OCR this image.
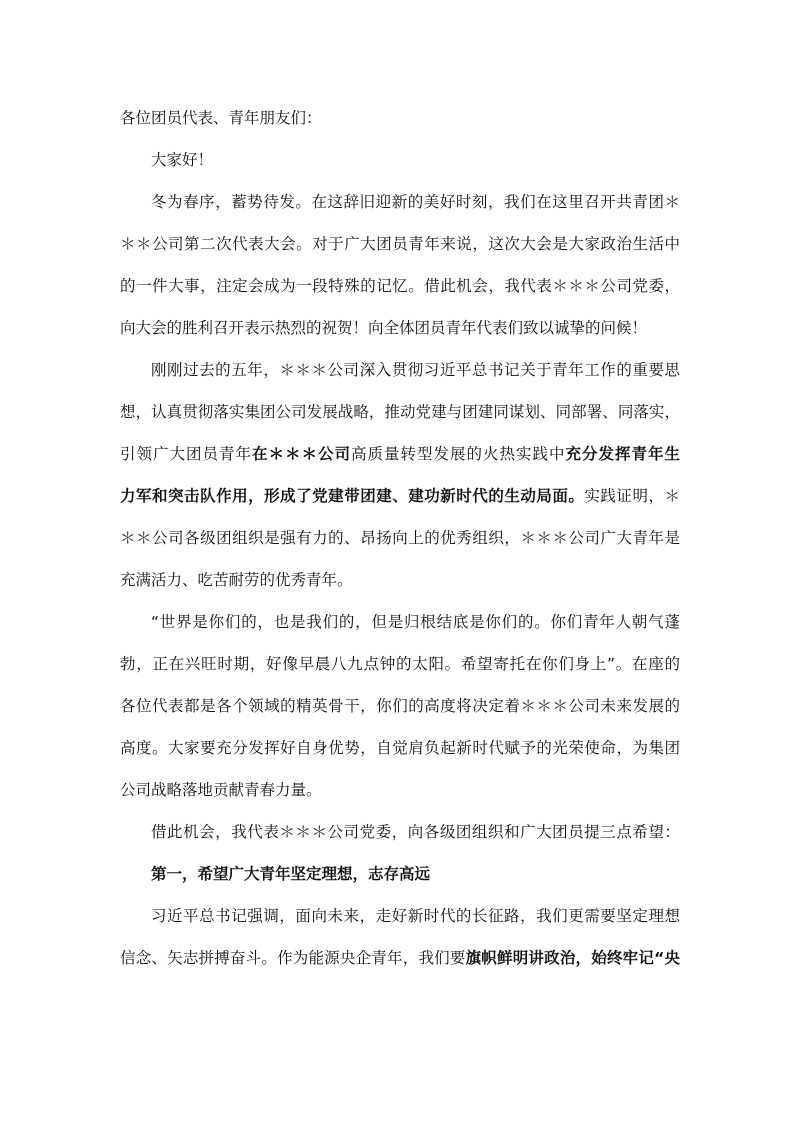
各位团员代表、青年朋友们：
大家好！
冬为春序，蓄势待发。在这辞旧迎新的美好时刻，我们在这里召开共青团＊
＊＊公司第二次代表大会。对于广大团员青年来说，这次大会是大家政治生活中
的一件大事，注定会成为一段特殊的记忆。借此机会，我代表＊＊＊公司党委，
向大会的胜利召开表示热烈的祝贺！向全体团员青年代表们致以诚挚的问候！
刚刚过去的五年，＊＊＊公司深入贯彻习近平总书记关于青年工作的重要思
想，认真贯彻落实集团公司发展战略，推动党建与团建同谋划、同部署、同落实，
引领广大团员青年在＊＊＊公司高质量转型发展的火热实践中充分发挥青年生
力军和突击队作用，形成了党建带团建、建功新时代的生动局面。实践证明，＊
＊＊公司各级团组织是强有力的、昂扬向上的优秀组织，＊＊＊公司广大青年是
充满活力、吃苦耐劳的优秀青年。
“世界是你们的，也是我们的，但是归根结底是你们的。你们青年人朝气蓬
勃，正在兴旺时期，好像早晨八九点钟的太阳。希望寄托在你们身上”。在座的
各位代表都是各个领域的精英骨干，你们的高度将决定着＊＊＊公司未来发展的
高度。大家要充分发挥好自身优势，自觉肩负起新时代赋予的光荣使命，为集团
公司战略落地贡献青春力量。
借此机会，我代表＊＊＊公司党委，向各级团组织和广大团员提三点希望：
第一，希望广大青年坚定理想，志存高远
习近平总书记强调，面向未来，走好新时代的长征路，我们更需要坚定理想
信念、矢志拼搏奋斗。作为能源央企青年，我们要旗帜鲜明讲政治，始终牢记“央
